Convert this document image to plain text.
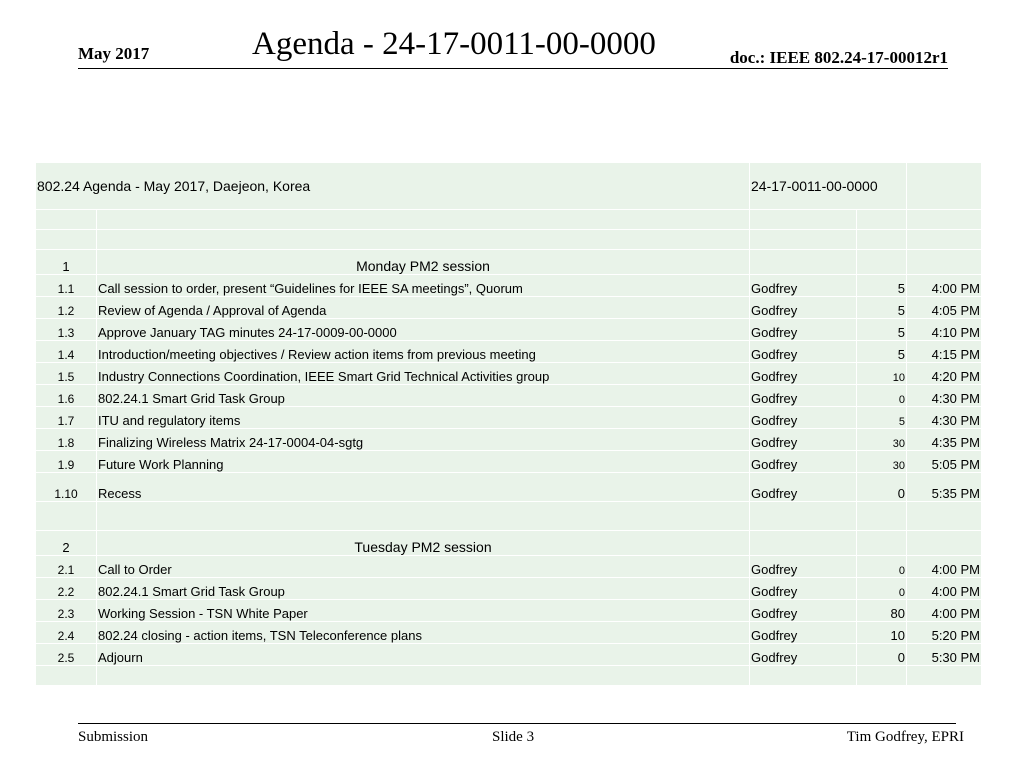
May 2017	Agenda - 24-17-0011-00-0000	doc.: IEEE 802.24-17-00012r1
802.24 Agenda - May 2017, Daejeon, Korea		24-17-0011-00-0000		

1	Monday PM2 session			
1.1	Call session to order, present “Guidelines for IEEE SA meetings”, Quorum	Godfrey	5	4:00 PM
1.2	Review of Agenda / Approval of Agenda	Godfrey	5	4:05 PM
1.3	Approve January TAG minutes 24-17-0009-00-0000	Godfrey	5	4:10 PM
1.4	Introduction/meeting objectives / Review action items from previous meeting	Godfrey	5	4:15 PM
1.5	Industry Connections Coordination, IEEE Smart Grid Technical Activities group	Godfrey	10	4:20 PM
1.6	802.24.1 Smart Grid Task Group	Godfrey	0	4:30 PM
1.7	ITU and regulatory items	Godfrey	5	4:30 PM
1.8	Finalizing Wireless Matrix 24-17-0004-04-sgtg	Godfrey	30	4:35 PM
1.9	Future Work Planning	Godfrey	30	5:05 PM
1.10	Recess	Godfrey	0	5:35 PM

2	Tuesday PM2 session			
2.1	Call to Order	Godfrey	0	4:00 PM
2.2	802.24.1 Smart Grid Task Group	Godfrey	0	4:00 PM
2.3	Working Session - TSN White Paper	Godfrey	80	4:00 PM
2.4	802.24 closing - action items, TSN Teleconference plans	Godfrey	10	5:20 PM
2.5	Adjourn	Godfrey	0	5:30 PM

Submission	Slide 3	Tim Godfrey, EPRI
